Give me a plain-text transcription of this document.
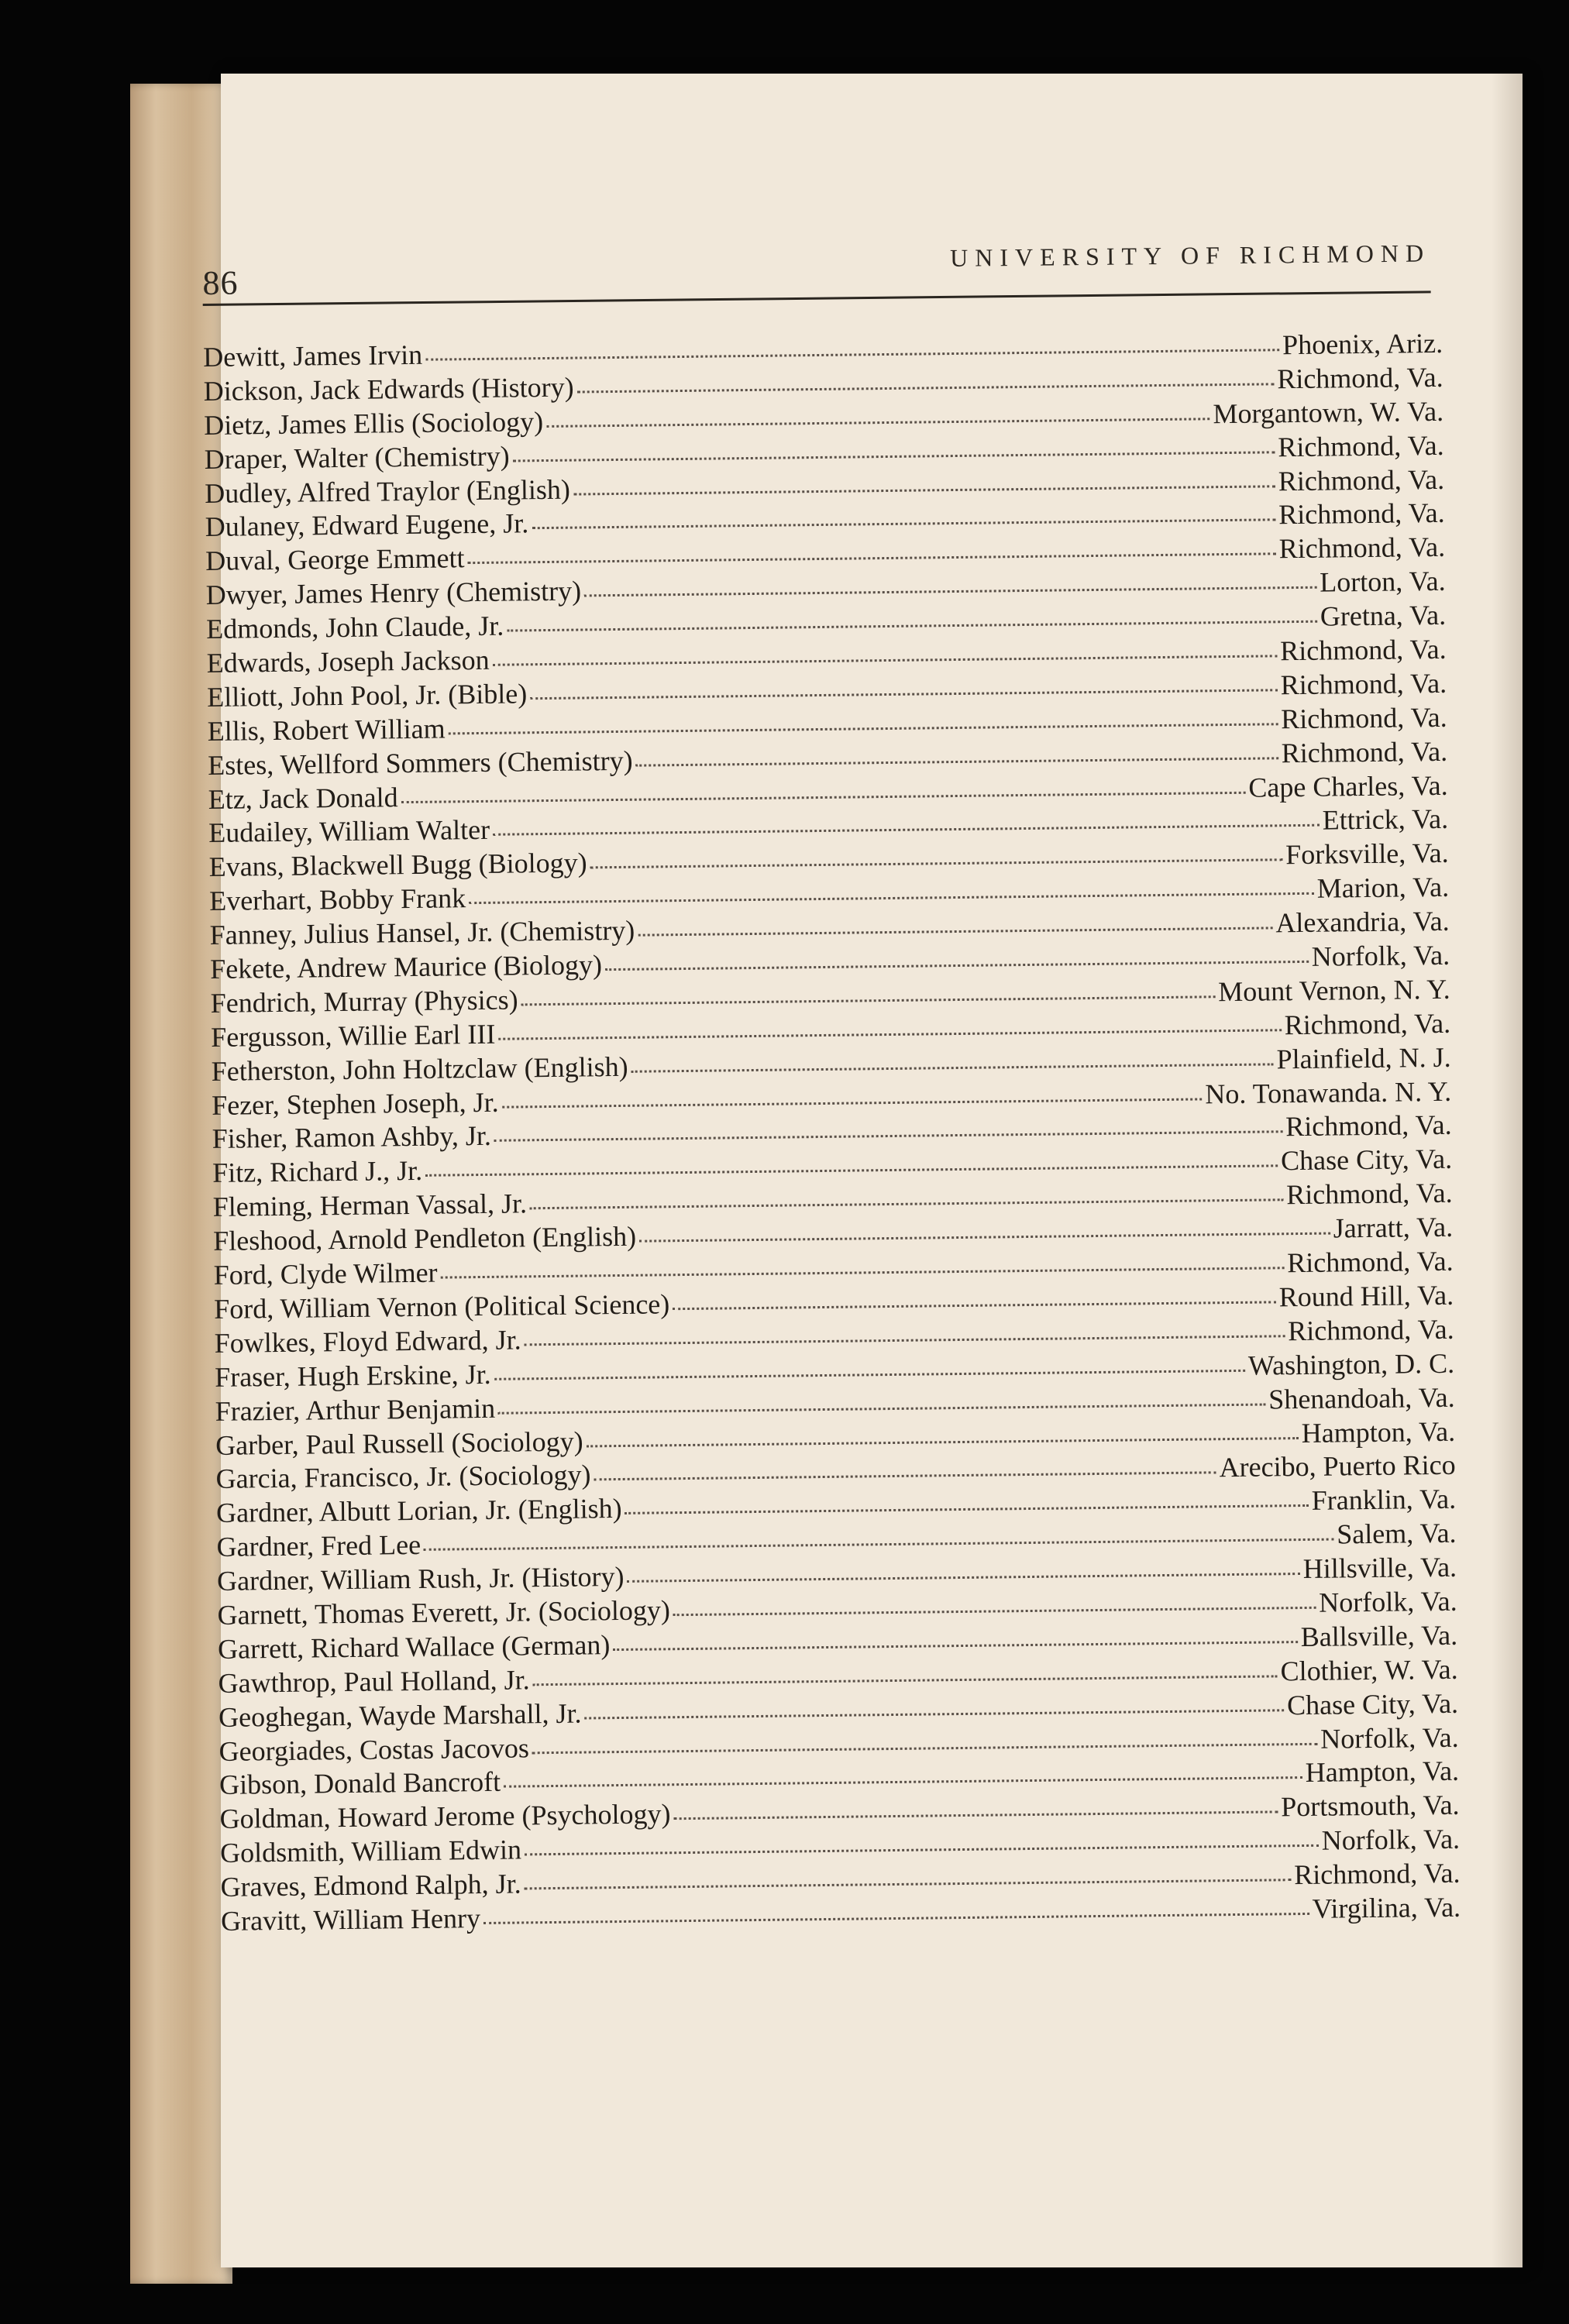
86
UNIVERSITY OF RICHMOND
Dewitt, James Irvin	Phoenix, Ariz.
Dickson, Jack Edwards (History)	Richmond, Va.
Dietz, James Ellis (Sociology)	Morgantown, W. Va.
Draper, Walter (Chemistry)	Richmond, Va.
Dudley, Alfred Traylor (English)	Richmond, Va.
Dulaney, Edward Eugene, Jr.	Richmond, Va.
Duval, George Emmett	Richmond, Va.
Dwyer, James Henry (Chemistry)	Lorton, Va.
Edmonds, John Claude, Jr.	Gretna, Va.
Edwards, Joseph Jackson	Richmond, Va.
Elliott, John Pool, Jr. (Bible)	Richmond, Va.
Ellis, Robert William	Richmond, Va.
Estes, Wellford Sommers (Chemistry)	Richmond, Va.
Etz, Jack Donald	Cape Charles, Va.
Eudailey, William Walter	Ettrick, Va.
Evans, Blackwell Bugg (Biology)	Forksville, Va.
Everhart, Bobby Frank	Marion, Va.
Fanney, Julius Hansel, Jr. (Chemistry)	Alexandria, Va.
Fekete, Andrew Maurice (Biology)	Norfolk, Va.
Fendrich, Murray (Physics)	Mount Vernon, N. Y.
Fergusson, Willie Earl III	Richmond, Va.
Fetherston, John Holtzclaw (English)	Plainfield, N. J.
Fezer, Stephen Joseph, Jr.	No. Tonawanda. N. Y.
Fisher, Ramon Ashby, Jr.	Richmond, Va.
Fitz, Richard J., Jr.	Chase City, Va.
Fleming, Herman Vassal, Jr.	Richmond, Va.
Fleshood, Arnold Pendleton (English)	Jarratt, Va.
Ford, Clyde Wilmer	Richmond, Va.
Ford, William Vernon (Political Science)	Round Hill, Va.
Fowlkes, Floyd Edward, Jr.	Richmond, Va.
Fraser, Hugh Erskine, Jr.	Washington, D. C.
Frazier, Arthur Benjamin	Shenandoah, Va.
Garber, Paul Russell (Sociology)	Hampton, Va.
Garcia, Francisco, Jr. (Sociology)	Arecibo, Puerto Rico
Gardner, Albutt Lorian, Jr. (English)	Franklin, Va.
Gardner, Fred Lee	Salem, Va.
Gardner, William Rush, Jr. (History)	Hillsville, Va.
Garnett, Thomas Everett, Jr. (Sociology)	Norfolk, Va.
Garrett, Richard Wallace (German)	Ballsville, Va.
Gawthrop, Paul Holland, Jr.	Clothier, W. Va.
Geoghegan, Wayde Marshall, Jr.	Chase City, Va.
Georgiades, Costas Jacovos	Norfolk, Va.
Gibson, Donald Bancroft	Hampton, Va.
Goldman, Howard Jerome (Psychology)	Portsmouth, Va.
Goldsmith, William Edwin	Norfolk, Va.
Graves, Edmond Ralph, Jr.	Richmond, Va.
Gravitt, William Henry	Virgilina, Va.
